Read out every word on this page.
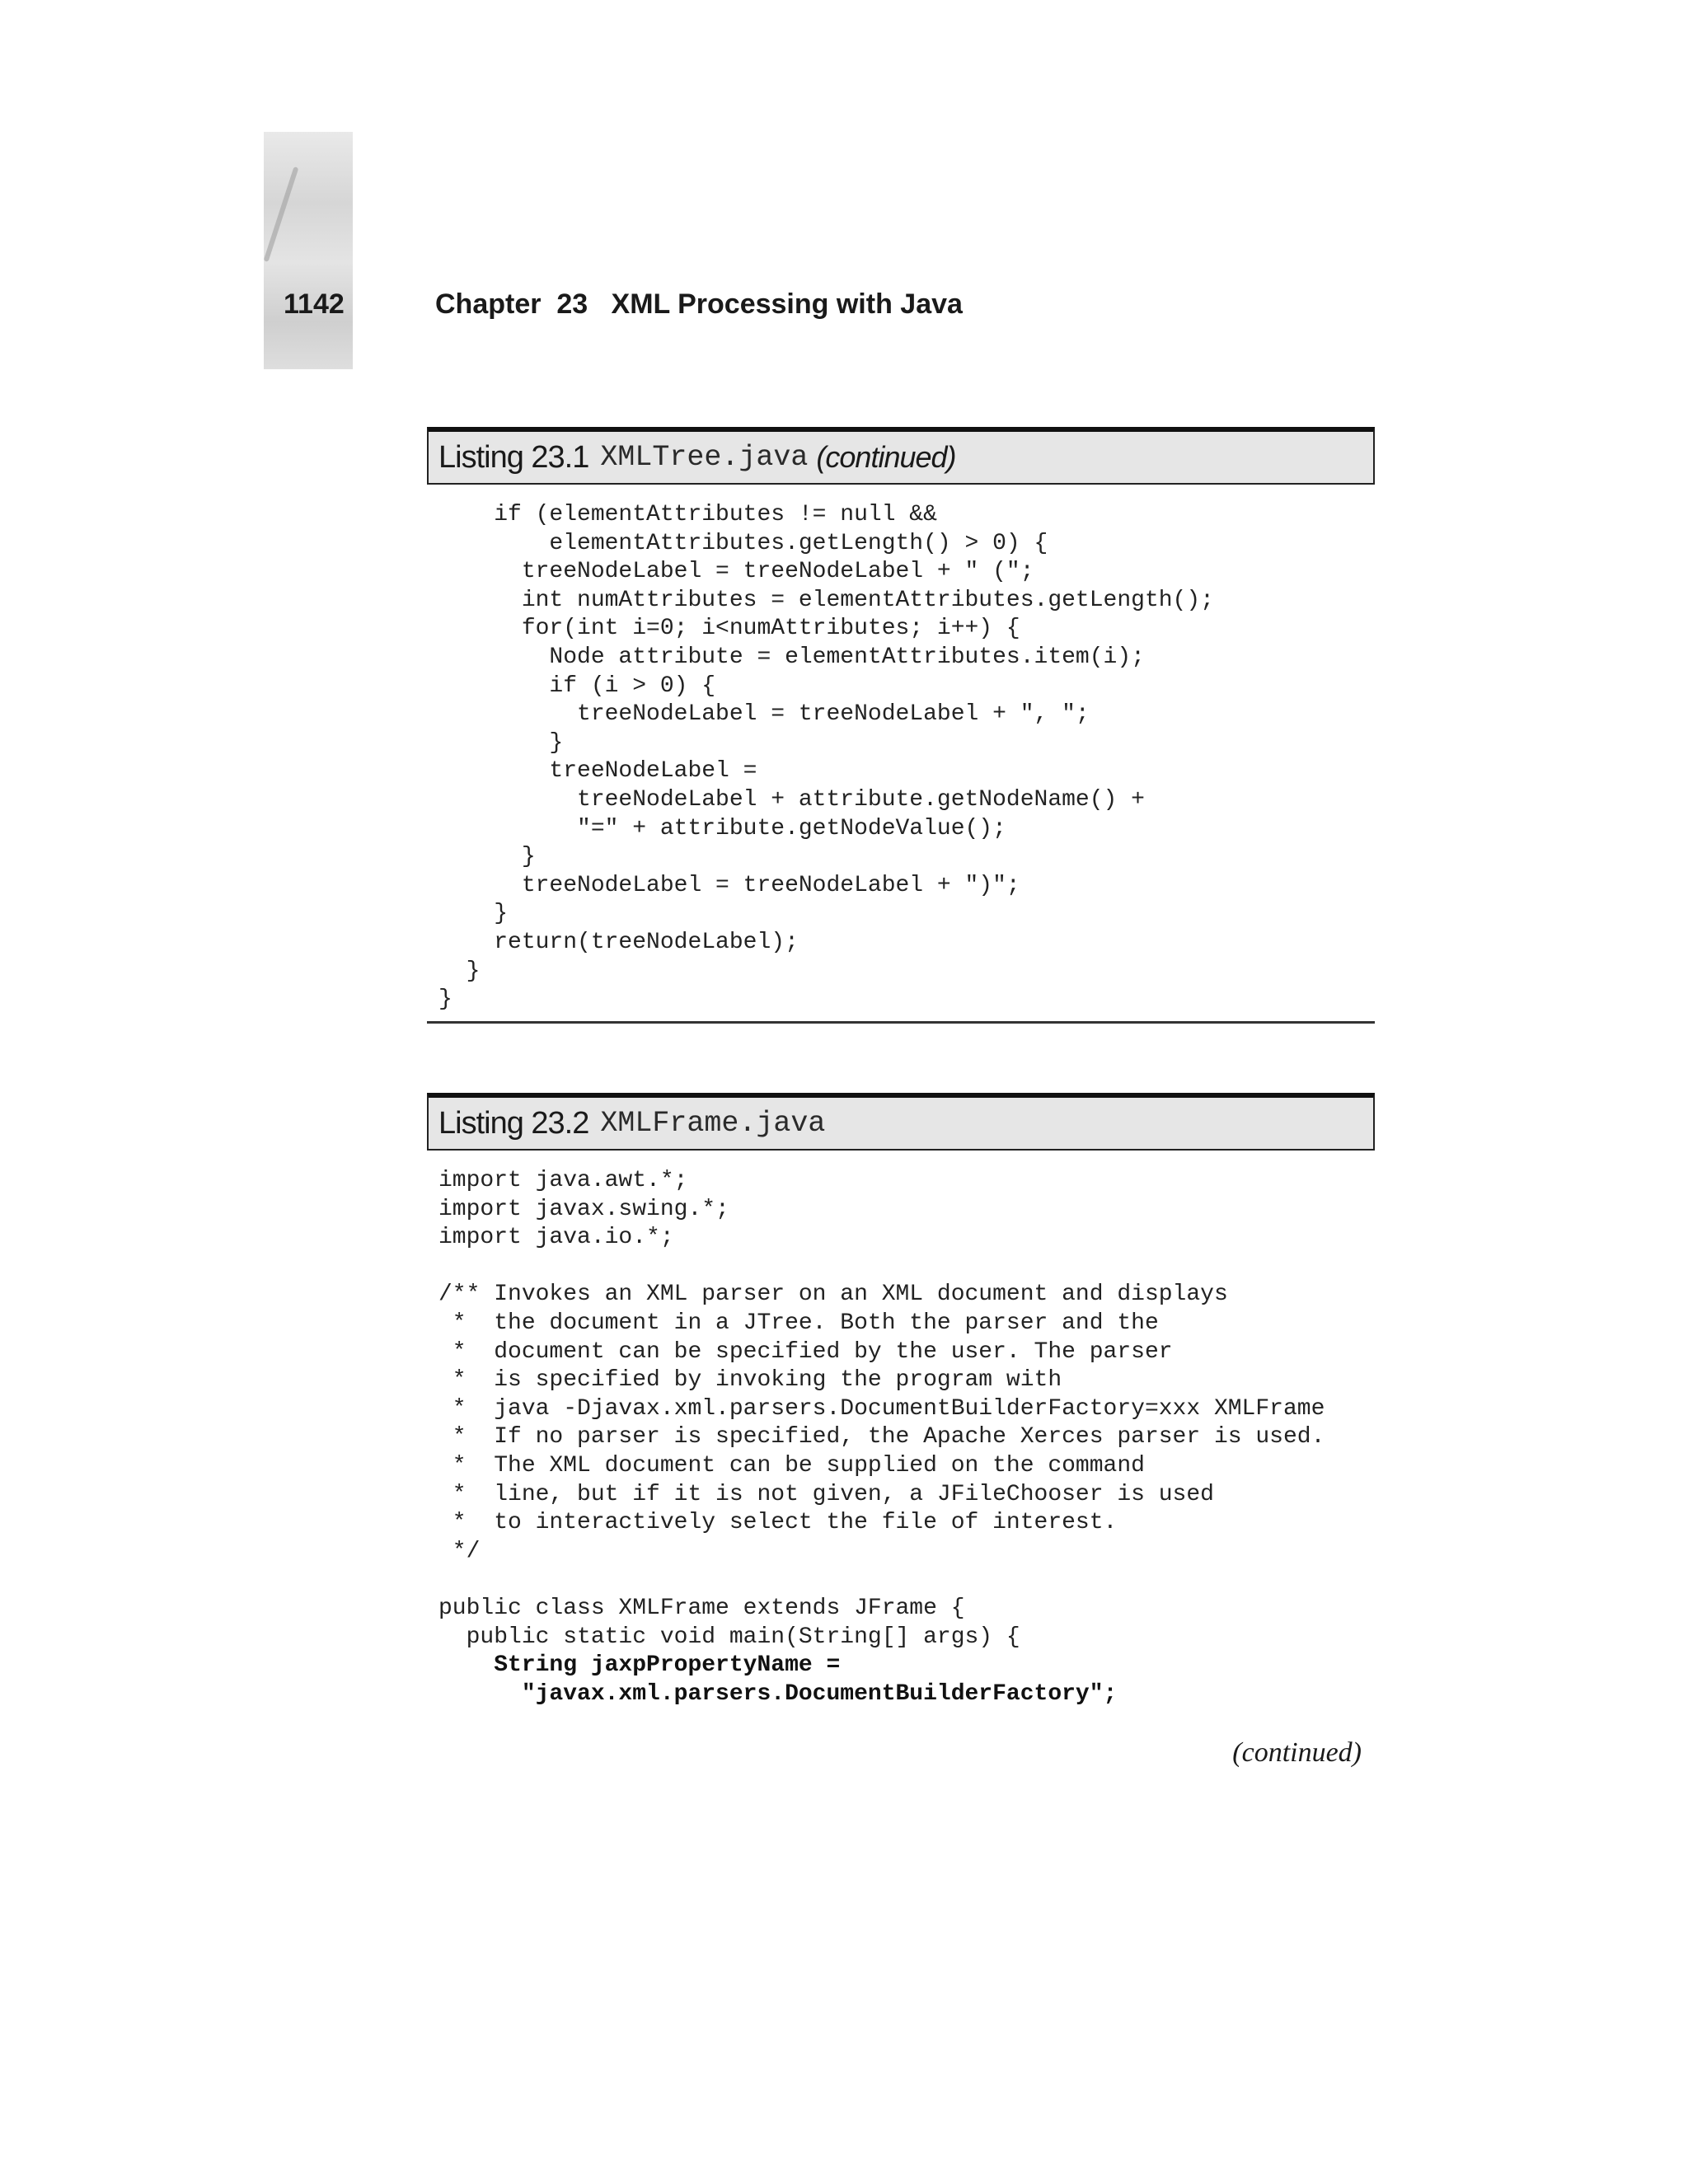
1142	Chapter  23   XML Processing with Java
Listing 23.1 XMLTree.java (continued)
if (elementAttributes != null &&
elementAttributes.getLength() > 0) {
treeNodeLabel = treeNodeLabel + " (";
int numAttributes = elementAttributes.getLength();
for(int i=0; i<numAttributes; i++) {
Node attribute = elementAttributes.item(i);
if (i > 0) {
treeNodeLabel = treeNodeLabel + ", ";
}
treeNodeLabel =
treeNodeLabel + attribute.getNodeName() +
"=" + attribute.getNodeValue();
}
treeNodeLabel = treeNodeLabel + ")";
}
return(treeNodeLabel);
}
}
Listing 23.2 XMLFrame.java
import java.awt.*;
import javax.swing.*;
import java.io.*;
/** Invokes an XML parser on an XML document and displays
*  the document in a JTree. Both the parser and the
*  document can be specified by the user. The parser
*  is specified by invoking the program with
*  java -Djavax.xml.parsers.DocumentBuilderFactory=xxx XMLFrame
*  If no parser is specified, the Apache Xerces parser is used.
*  The XML document can be supplied on the command
*  line, but if it is not given, a JFileChooser is used
*  to interactively select the file of interest.
*/
public class XMLFrame extends JFrame {
public static void main(String[] args) {
String jaxpPropertyName =
"javax.xml.parsers.DocumentBuilderFactory";
(continued)
